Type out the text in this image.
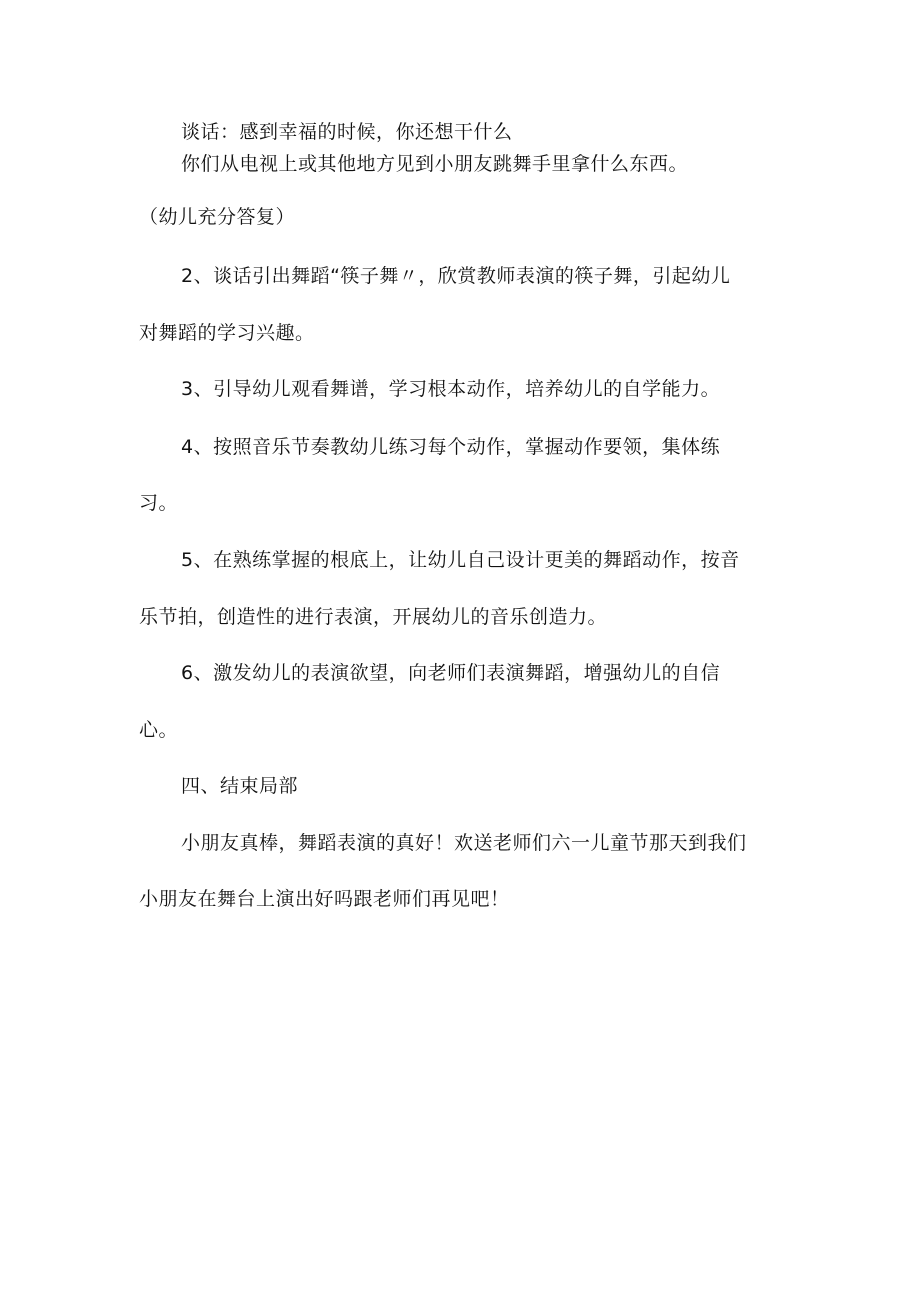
谈话：感到幸福的时候，你还想干什么
你们从电视上或其他地方见到小朋友跳舞手里拿什么东西。
（幼儿充分答复）
2、谈话引出舞蹈“筷子舞〃，欣赏教师表演的筷子舞，引起幼儿
对舞蹈的学习兴趣。
3、引导幼儿观看舞谱，学习根本动作，培养幼儿的自学能力。
4、按照音乐节奏教幼儿练习每个动作，掌握动作要领，集体练
习。
5、在熟练掌握的根底上，让幼儿自己设计更美的舞蹈动作，按音
乐节拍，创造性的进行表演，开展幼儿的音乐创造力。
6、激发幼儿的表演欲望，向老师们表演舞蹈，增强幼儿的自信
心。
四、结束局部
小朋友真棒，舞蹈表演的真好！欢送老师们六一儿童节那天到我们
小朋友在舞台上演出好吗跟老师们再见吧！
